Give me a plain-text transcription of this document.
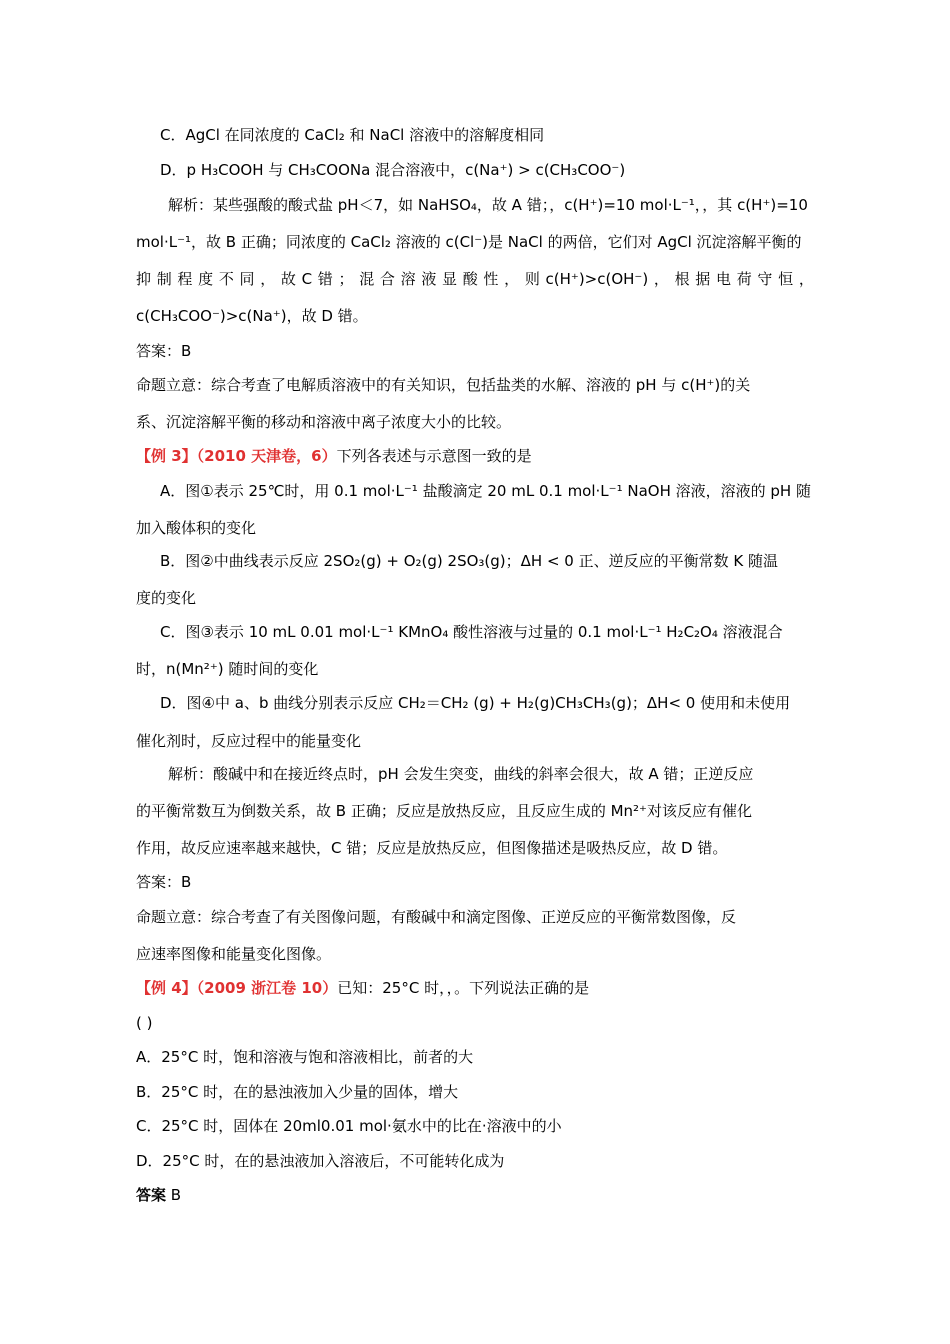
C．AgCl 在同浓度的 CaCl₂ 和 NaCl 溶液中的溶解度相同
D．p H₃COOH 与 CH₃COONa 混合溶液中，c(Na⁺) > c(CH₃COO⁻)
解析：某些强酸的酸式盐 pH＜7，如 NaHSO₄，故 A 错；，c(H⁺)=10 mol·L⁻¹，，其 c(H⁺)=10
mol·L⁻¹，故 B 正确；同浓度的 CaCl₂ 溶液的 c(Cl⁻)是 NaCl 的两倍，它们对 AgCl 沉淀溶解平衡的
抑 制 程 度 不 同 ， 故 C 错 ； 混 合 溶 液 显 酸 性 ， 则 c(H⁺)>c(OH⁻) ， 根 据 电 荷 守 恒 ，
c(CH₃COO⁻)>c(Na⁺)，故 D 错。
答案：B
命题立意：综合考查了电解质溶液中的有关知识，包括盐类的水解、溶液的 pH 与 c(H⁺)的关
系、沉淀溶解平衡的移动和溶液中离子浓度大小的比较。
【例 3】（2010 天津卷，6）下列各表述与示意图一致的是
A．图①表示 25℃时，用 0.1 mol·L⁻¹ 盐酸滴定 20 mL 0.1 mol·L⁻¹ NaOH 溶液，溶液的 pH 随
加入酸体积的变化
B．图②中曲线表示反应 2SO₂(g) + O₂(g) 2SO₃(g)；ΔH < 0 正、逆反应的平衡常数 K 随温
度的变化
C．图③表示 10 mL 0.01 mol·L⁻¹ KMnO₄ 酸性溶液与过量的 0.1 mol·L⁻¹ H₂C₂O₄ 溶液混合
时，n(Mn²⁺) 随时间的变化
D．图④中 a、b 曲线分别表示反应 CH₂＝CH₂ (g) + H₂(g)CH₃CH₃(g)；ΔH< 0 使用和未使用
催化剂时，反应过程中的能量变化
解析：酸碱中和在接近终点时，pH 会发生突变，曲线的斜率会很大，故 A 错；正逆反应
的平衡常数互为倒数关系，故 B 正确；反应是放热反应，且反应生成的 Mn²⁺对该反应有催化
作用，故反应速率越来越快，C 错；反应是放热反应，但图像描述是吸热反应，故 D 错。
答案：B
命题立意：综合考查了有关图像问题，有酸碱中和滴定图像、正逆反应的平衡常数图像，反
应速率图像和能量变化图像。
【例 4】（2009 浙江卷 10）已知：25°C 时，，。下列说法正确的是
( )
A．25°C 时，饱和溶液与饱和溶液相比，前者的大
B．25°C 时，在的悬浊液加入少量的固体，增大
C．25°C 时，固体在 20ml0.01 mol·氨水中的比在·溶液中的小
D．25°C 时，在的悬浊液加入溶液后，不可能转化成为
答案 B
